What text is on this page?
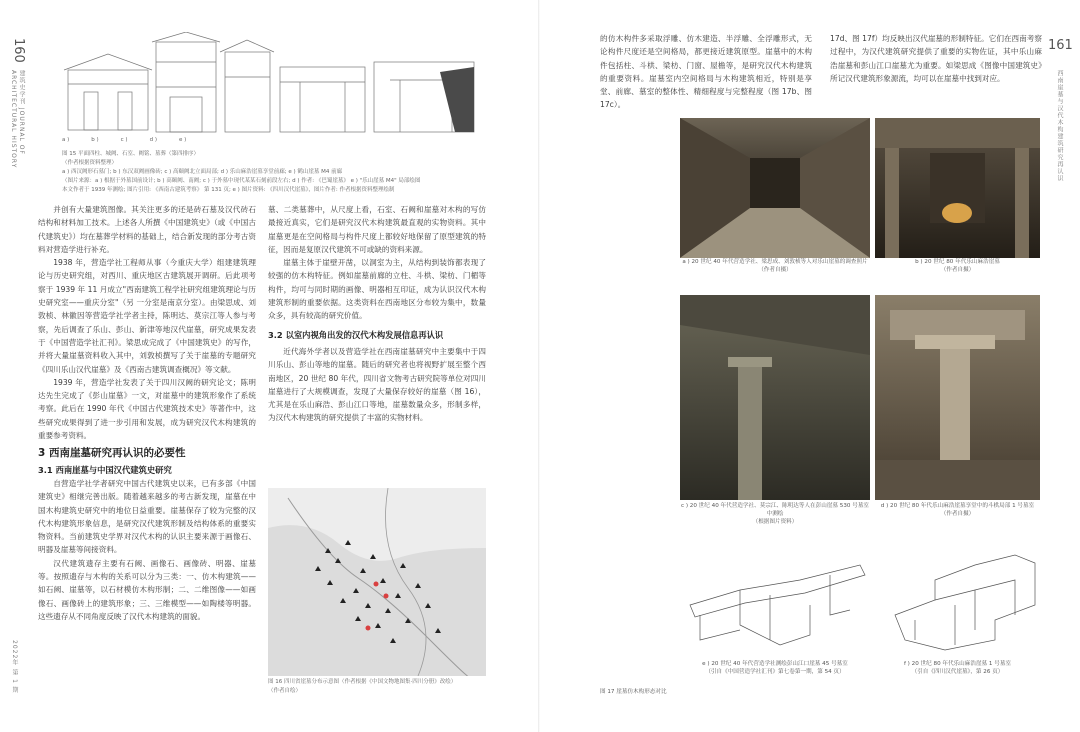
160
建筑史学刊 JOURNAL OF ARCHITECTURAL HISTORY
2022年 第 1 期
a )	b )	c )	d )	e )
图 15 平面四柱、城阙、石室、阙铭、墓葬（第四排序）
（作者根据资料整理）
a ) 西汉阙形石墓门; b ) 东汉双阙画像砖; c ) 高颐阙北立面局部; d ) 乐山麻浩崖墓享堂前廊; e ) 鹤山崖墓 M4 前廊
（图片来源：a ) 根据于外墓国前设计; b ) 高颐阙、南阙; c ) 于外墓中现代某某石刻前段左右; d ) 作者: 《巴蜀崖墓》 e ) "乐山崖墓 M4" 局部绘图
本文作者于 1939 年测绘; 图片引用: 《西南古建筑考察》 第 131 页; e ) 图片资料: 《四川汉代崖墓》，图片作者: 作者根据资料整理绘制

并创有大量建筑图像。其关注更多的还是砖石墓及汉代砖石结构和材料加工技术。上述各人所撰《中国建筑史》（或《中国古代建筑史》）均在墓葬学材料的基础上，结合新发现的部分考古资料对营造学进行补充。

1938 年，营造学社工程师从事（今重庆大学）组建建筑理论与历史研究组，对西川、重庆地区古建筑展开调研。后此项考察于 1939 年 11 月成立"西南建筑工程学社研究组建筑理论与历史研究室——重庆分室"（另 一分室是南京分室）。由梁思成、刘敦桢、林徽因等营造学社学者主持，陈明达、莫宗江等人参与考察，先后调查了乐山、彭山、新津等地汉代崖墓，研究成果发表于《中国营造学社汇刊》。梁思成完成了《中国建筑史》的写作，并将大量崖墓资料收入其中，刘敦桢撰写了关于崖墓的专题研究《四川乐山汉代崖墓》及《西南古建筑调查概况》等文献。

1939 年，营造学社发表了关于四川汉阙的研究论文；陈明达先生完成了《彭山崖墓》一文，对崖墓中的建筑形象作了系统考察。此后在 1990 年代《中国古代建筑技术史》等著作中，这些研究成果得到了进一步引用和发展，成为研究汉代木构建筑的重要参考资料。

3 西南崖墓研究再认识的必要性
3.1 西南崖墓与中国汉代建筑史研究

自营造学社学者研究中国古代建筑史以来，已有多部《中国建筑史》相继完善出版。随着越来越多的考古新发现，崖墓在中国木构建筑史研究中的地位日益重要。崖墓保存了较为完整的汉代木构建筑形象信息，是研究汉代建筑形制及结构体系的重要实物资料。当前建筑史学界对汉代木构的认识主要来源于画像石、明器及崖墓等间接资料。

汉代建筑遗存主要有石阙、画像石、画像砖、明器、崖墓等。按照遗存与木构的关系可以分为三类：一、仿木构建筑——如石阙、崖墓等，以石材模仿木构形制；二、二维图像——如画像石、画像砖上的建筑形象；三、三维模型——如陶楼等明器。这些遗存从不同角度反映了汉代木构建筑的面貌。

墓、二类墓葬中，从尺度上看，石室、石阙和崖墓对木构的写仿最接近真实，它们是研究汉代木构建筑最直观的实物资料。其中崖墓更是在空间格局与构件尺度上都较好地保留了原型建筑的特征，因而是复原汉代建筑不可或缺的资料来源。

崖墓主体于崖壁开凿，以洞室为主，从结构到装饰都表现了较强的仿木构特征。例如崖墓前廊的立柱、斗栱、梁枋、门楣等构件，均可与同时期的画像、明器相互印证，成为认识汉代木构建筑形制的重要依据。这类资料在西南地区分布较为集中，数量众多，具有较高的研究价值。

3.2 以室内视角出发的汉代木构发展信息再认识

近代海外学者以及营造学社在西南崖墓研究中主要集中于四川乐山、彭山等地的崖墓。随后的研究者也将视野扩展至整个西南地区，20 世纪 80 年代，四川省文物考古研究院等单位对四川崖墓进行了大规模调查，发现了大量保存较好的崖墓（图 16），尤其是在乐山麻浩、彭山江口等地，崖墓数量众多，形制多样，为汉代木构建筑的研究提供了丰富的实物材料。

图 16 四川省崖墓分布示意图（作者根据《中国文物地图集·四川分册》改绘）
（作者自绘）
161
西南崖墓与汉代木构建筑研究再认识

的仿木构件多采取浮雕、仿木建造、半浮雕、全浮雕形式，无论构件尺度还是空间格局，都更接近建筑原型。崖墓中的木构件包括柱、斗栱、梁枋、门窗、屋檐等，是研究汉代木构建筑的重要资料。崖墓室内空间格局与木构建筑相近，特别是享堂、前廊、墓室的整体性、精细程度与完整程度（图 17b、图 17c）。

17d、图 17f）均反映出汉代崖墓的形制特征。它们在西南考察过程中，为汉代建筑研究提供了重要的实物佐证，其中乐山麻浩崖墓和彭山江口崖墓尤为重要。如梁思成《图像中国建筑史》所记汉代建筑形象源流，均可以在崖墓中找到对应。

a ) 20 世纪 40 年代营造学社、梁思成、刘敦桢等人对乐山崖墓的调查照片
（作者自摄）
b ) 20 世纪 80 年代乐山麻浩崖墓
（作者自摄）
c ) 20 世纪 40 年代营造学社、莫宗江、陈明达等人在彭山崖墓 530 号墓室中测绘
（根据图片资料）
d ) 20 世纪 80 年代乐山麻浩崖墓享堂中的斗栱局部 1 号墓室
（作者自摄）
e ) 20 世纪 40 年代营造学社测绘彭山江口崖墓 45 号墓室
（引自《中国营造学社汇刊》第七卷第一期，第 54 页）
f ) 20 世纪 80 年代乐山麻浩崖墓 1 号墓室
（引自《四川汉代崖墓》，第 26 页）
图 17 崖墓仿木构形态对比
